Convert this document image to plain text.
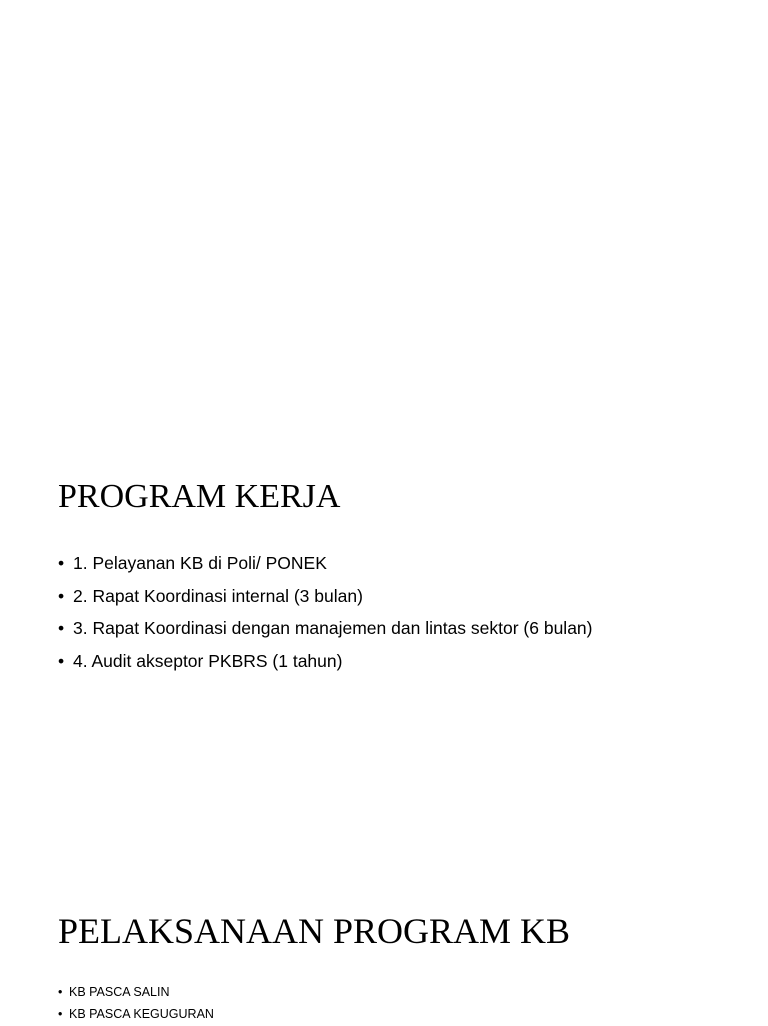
PROGRAM KERJA
• 1. Pelayanan KB di Poli/ PONEK
• 2. Rapat Koordinasi internal (3 bulan)
• 3. Rapat Koordinasi dengan manajemen dan lintas sektor (6 bulan)
• 4. Audit akseptor PKBRS (1 tahun)
PELAKSANAAN PROGRAM KB
• KB PASCA SALIN
• KB PASCA KEGUGURAN
